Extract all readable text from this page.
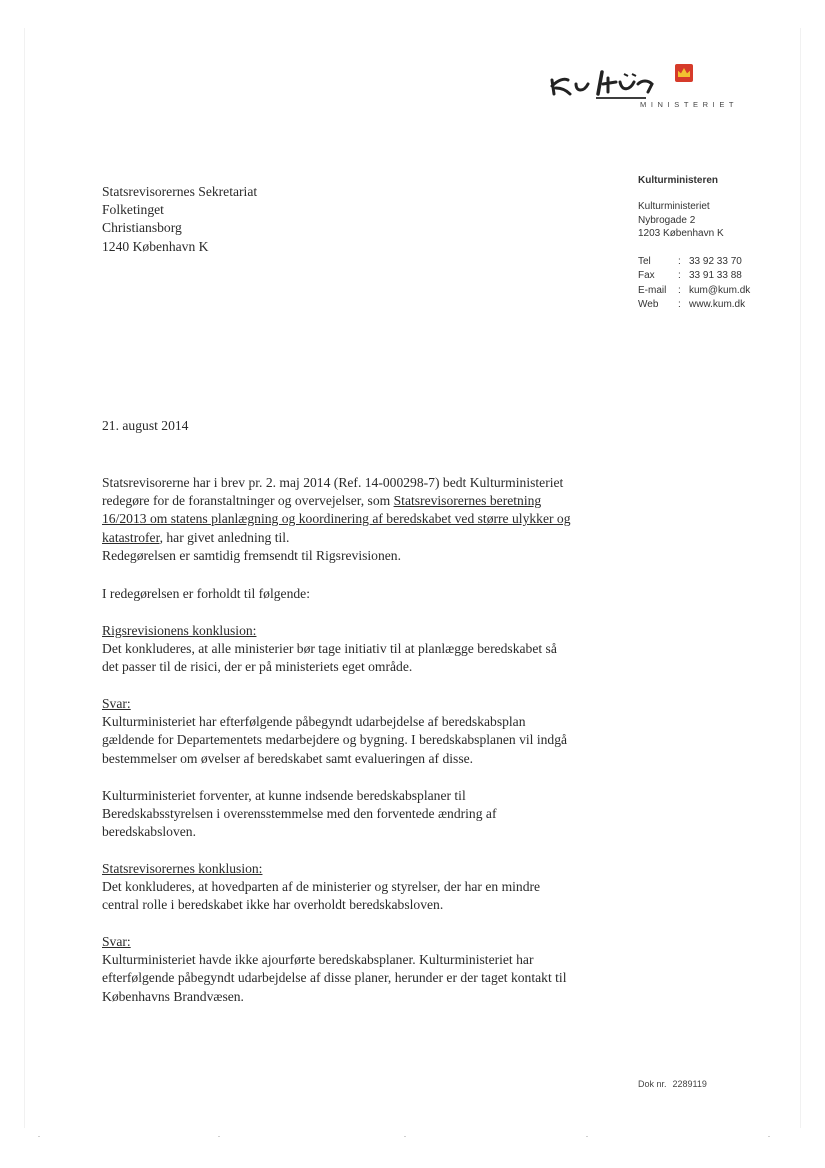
MINISTERIET
Statsrevisorernes Sekretariat
Folketinget
Christiansborg
1240 København K
Kulturministeren
Kulturministeriet
Nybrogade 2
1203 København K
Tel	: 33 92 33 70
Fax	: 33 91 33 88
E-mail	: kum@kum.dk
Web	: www.kum.dk
21. august 2014
Statsrevisorerne har i brev pr. 2. maj 2014 (Ref. 14-000298-7) bedt Kulturministeriet
redegøre for de foranstaltninger og overvejelser, som Statsrevisorernes beretning
16/2013 om statens planlægning og koordinering af beredskabet ved større ulykker og
katastrofer, har givet anledning til.
Redegørelsen er samtidig fremsendt til Rigsrevisionen.
I redegørelsen er forholdt til følgende:
Rigsrevisionens konklusion:
Det konkluderes, at alle ministerier bør tage initiativ til at planlægge beredskabet så
det passer til de risici, der er på ministeriets eget område.
Svar:
Kulturministeriet har efterfølgende påbegyndt udarbejdelse af beredskabsplan
gældende for Departementets medarbejdere og bygning. I beredskabsplanen vil indgå
bestemmelser om øvelser af beredskabet samt evalueringen af disse.
Kulturministeriet forventer, at kunne indsende beredskabsplaner til
Beredskabsstyrelsen i overensstemmelse med den forventede ændring af
beredskabsloven.
Statsrevisorernes konklusion:
Det konkluderes, at hovedparten af de ministerier og styrelser, der har en mindre
central rolle i beredskabet ikke har overholdt beredskabsloven.
Svar:
Kulturministeriet havde ikke ajourførte beredskabsplaner. Kulturministeriet har
efterfølgende påbegyndt udarbejdelse af disse planer, herunder er der taget kontakt til
Københavns Brandvæsen.
Dok nr. 2289119
